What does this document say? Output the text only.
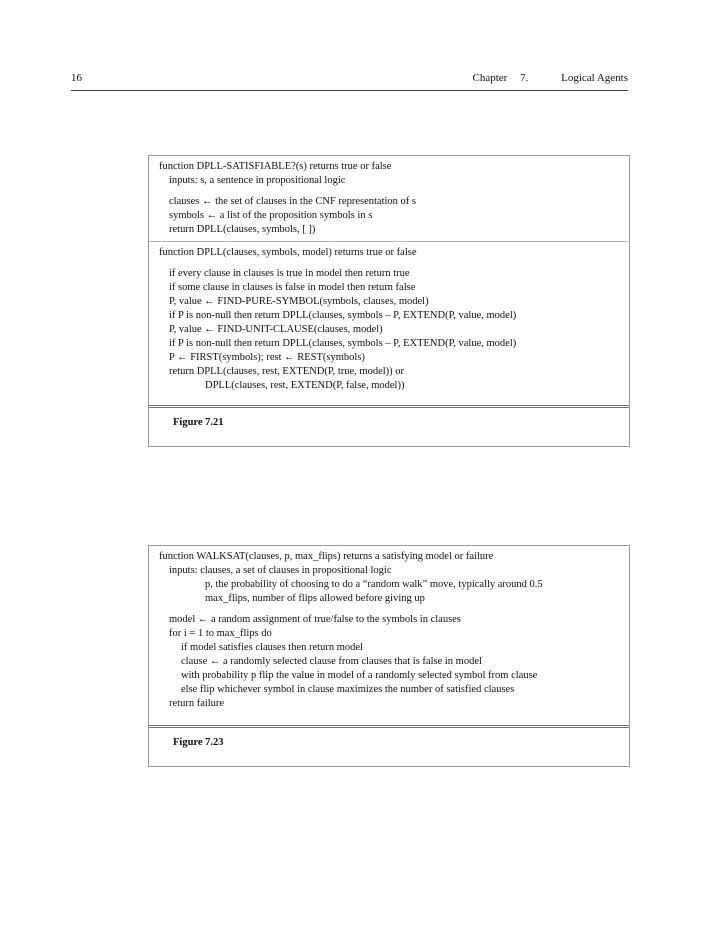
16	Chapter 7.	Logical Agents
function DPLL-SATISFIABLE?(s) returns true or false
inputs: s, a sentence in propositional logic
clauses ← the set of clauses in the CNF representation of s
symbols ← a list of the proposition symbols in s
return DPLL(clauses, symbols, [ ])
function DPLL(clauses, symbols, model) returns true or false
if every clause in clauses is true in model then return true
if some clause in clauses is false in model then return false
P, value ← FIND-PURE-SYMBOL(symbols, clauses, model)
if P is non-null then return DPLL(clauses, symbols – P, EXTEND(P, value, model)
P, value ← FIND-UNIT-CLAUSE(clauses, model)
if P is non-null then return DPLL(clauses, symbols – P, EXTEND(P, value, model)
P ← FIRST(symbols); rest ← REST(symbols)
return DPLL(clauses, rest, EXTEND(P, true, model)) or
DPLL(clauses, rest, EXTEND(P, false, model))
Figure 7.21
function WALKSAT(clauses, p, max_flips) returns a satisfying model or failure
inputs: clauses, a set of clauses in propositional logic
p, the probability of choosing to do a “random walk” move, typically around 0.5
max_flips, number of flips allowed before giving up
model ← a random assignment of true/false to the symbols in clauses
for i = 1 to max_flips do
if model satisfies clauses then return model
clause ← a randomly selected clause from clauses that is false in model
with probability p flip the value in model of a randomly selected symbol from clause
else flip whichever symbol in clause maximizes the number of satisfied clauses
return failure
Figure 7.23
